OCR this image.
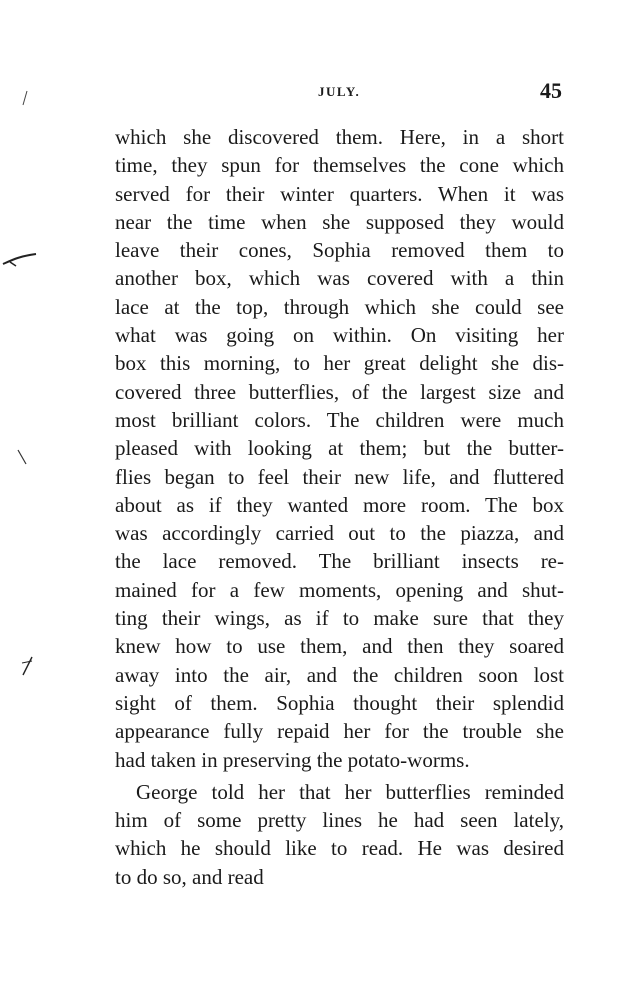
JULY.	45
which she discovered them. Here, in a short
time, they spun for themselves the cone which
served for their winter quarters. When it was
near the time when she supposed they would
leave their cones, Sophia removed them to
another box, which was covered with a thin
lace at the top, through which she could see
what was going on within. On visiting her
box this morning, to her great delight she dis-
covered three butterflies, of the largest size and
most brilliant colors. The children were much
pleased with looking at them; but the butter-
flies began to feel their new life, and fluttered
about as if they wanted more room. The box
was accordingly carried out to the piazza, and
the lace removed. The brilliant insects re-
mained for a few moments, opening and shut-
ting their wings, as if to make sure that they
knew how to use them, and then they soared
away into the air, and the children soon lost
sight of them. Sophia thought their splendid
appearance fully repaid her for the trouble she
had taken in preserving the potato-worms.
George told her that her butterflies reminded
him of some pretty lines he had seen lately,
which he should like to read. He was desired
to do so, and read
